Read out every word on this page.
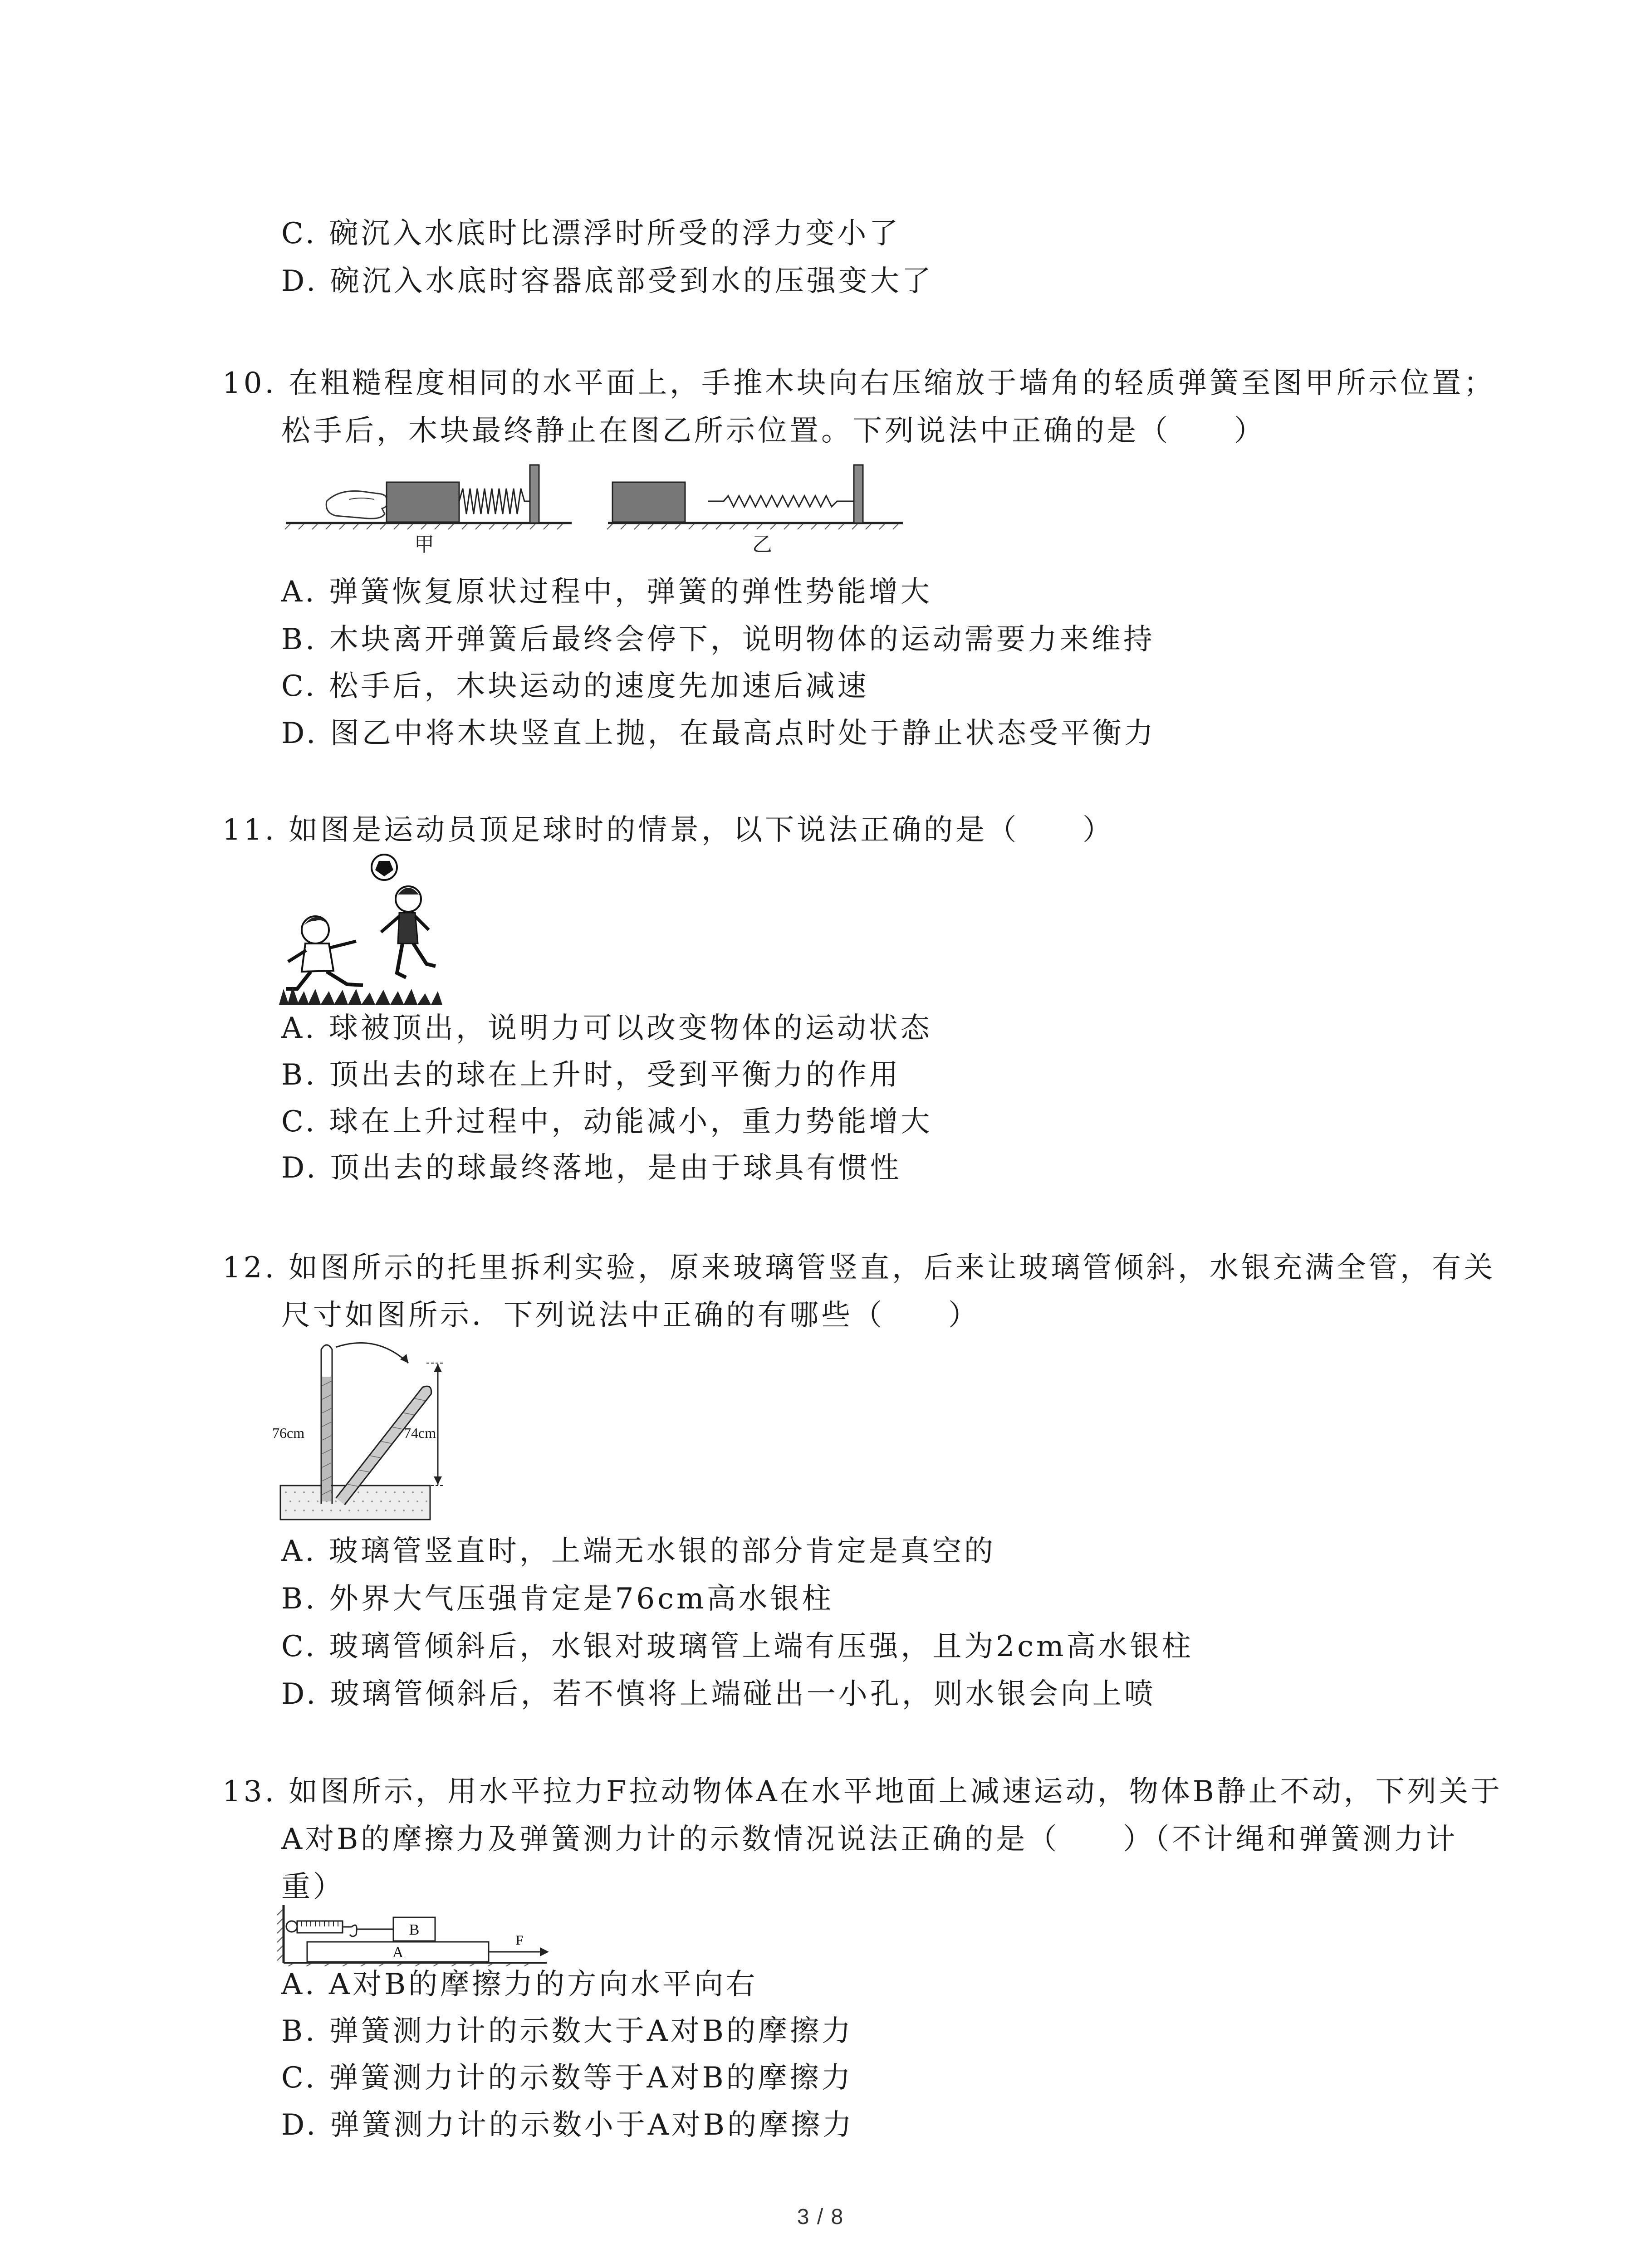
C. 碗沉入水底时比漂浮时所受的浮力变小了
D. 碗沉入水底时容器底部受到水的压强变大了
10. 在粗糙程度相同的水平面上，手推木块向右压缩放于墙角的轻质弹簧至图甲所示位置；
松手后，木块最终静止在图乙所示位置。下列说法中正确的是（　　）
甲	乙
A. 弹簧恢复原状过程中，弹簧的弹性势能增大
B. 木块离开弹簧后最终会停下，说明物体的运动需要力来维持
C. 松手后，木块运动的速度先加速后减速
D. 图乙中将木块竖直上抛，在最高点时处于静止状态受平衡力
11. 如图是运动员顶足球时的情景，以下说法正确的是（　　）
A. 球被顶出，说明力可以改变物体的运动状态
B. 顶出去的球在上升时，受到平衡力的作用
C. 球在上升过程中，动能减小，重力势能增大
D. 顶出去的球最终落地，是由于球具有惯性
12. 如图所示的托里拆利实验，原来玻璃管竖直，后来让玻璃管倾斜，水银充满全管，有关
尺寸如图所示．下列说法中正确的有哪些（　　）
76cm	74cm
A. 玻璃管竖直时，上端无水银的部分肯定是真空的
B. 外界大气压强肯定是76cm高水银柱
C. 玻璃管倾斜后，水银对玻璃管上端有压强，且为2cm高水银柱
D. 玻璃管倾斜后，若不慎将上端碰出一小孔，则水银会向上喷
13. 如图所示，用水平拉力F拉动物体A在水平地面上减速运动，物体B静止不动，下列关于
A对B的摩擦力及弹簧测力计的示数情况说法正确的是（　　）（不计绳和弹簧测力计
重）
B
A
F
A. A对B的摩擦力的方向水平向右
B. 弹簧测力计的示数大于A对B的摩擦力
C. 弹簧测力计的示数等于A对B的摩擦力
D. 弹簧测力计的示数小于A对B的摩擦力
3 / 8
